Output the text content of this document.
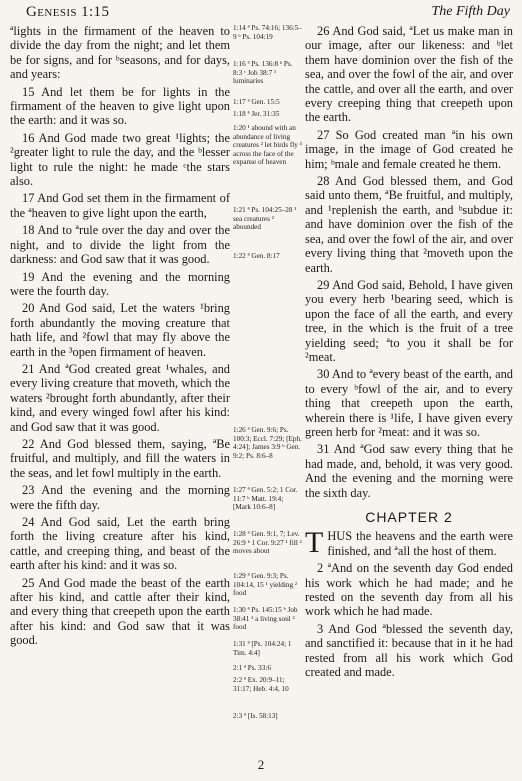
Genesis 1:15	The Fifth Day

ªlights in the firmament of the heaven to divide the day from the night; and let them be for signs, and for ᵇseasons, and for days, and years:

15 And let them be for lights in the firmament of the heaven to give light upon the earth: and it was so.

16 And God made two great ¹lights; the ²greater light to rule the day, and the ᵇlesser light to rule the night: he made ᶜthe stars also.

17 And God set them in the firmament of the ªheaven to give light upon the earth,

18 And to ªrule over the day and over the night, and to divide the light from the darkness: and God saw that it was good.

19 And the evening and the morning were the fourth day.

20 And God said, Let the waters ¹bring forth abundantly the moving creature that hath life, and ²fowl that may fly above the earth in the ³open firmament of heaven.

21 And ªGod created great ¹whales, and every living creature that moveth, which the waters ²brought forth abundantly, after their kind, and every winged fowl after his kind: and God saw that it was good.

22 And God blessed them, saying, ªBe fruitful, and multiply, and fill the waters in the seas, and let fowl multiply in the earth.

23 And the evening and the morning were the fifth day.

24 And God said, Let the earth bring forth the living creature after his kind, cattle, and creeping thing, and beast of the earth after his kind: and it was so.

25 And God made the beast of the earth after his kind, and cattle after their kind, and every thing that creepeth upon the earth after his kind: and God saw that it was good.

1:14 ª Ps. 74:16; 136:5–9 ᵇ Ps. 104:19
1:16 ª Ps. 136:8 ᵇ Ps. 8:3 ᶜ Job 38:7 ¹ luminaries
1:17 ª Gen. 15:5
1:18 ª Jer. 31:35
1:20 ¹ abound with an abundance of living creatures ² let birds fly ³ across the face of the expanse of heaven
1:21 ª Ps. 104:25–28 ¹ sea creatures ² abounded
1:22 ª Gen. 8:17
1:26 ª Gen. 9:6; Ps. 100:3; Eccl. 7:29; [Eph. 4:24]; James 3:9 ᵇ Gen. 9:2; Ps. 8:6–8
1:27 ª Gen. 5:2; 1 Cor. 11:7 ᵇ Matt. 19:4; [Mark 10:6–8]
1:28 ª Gen. 9:1, 7; Lev. 26:9 ᵇ 1 Cor. 9:27 ¹ fill ² moves about
1:29 ª Gen. 9:3; Ps. 104:14, 15 ¹ yielding ² food
1:30 ª Ps. 145:15 ᵇ Job 38:41 ¹ a living soul ² food
1:31 ª [Ps. 104:24; 1 Tim. 4:4]
2:1 ª Ps. 33:6
2:2 ª Ex. 20:9–11; 31:17; Heb. 4:4, 10
2:3 ª [Is. 58:13]

26 And God said, ªLet us make man in our image, after our likeness: and ᵇlet them have dominion over the fish of the sea, and over the fowl of the air, and over the cattle, and over all the earth, and over every creeping thing that creepeth upon the earth.

27 So God created man ªin his own image, in the image of God created he him; ᵇmale and female created he them.

28 And God blessed them, and God said unto them, ªBe fruitful, and multiply, and ¹replenish the earth, and ᵇsubdue it: and have dominion over the fish of the sea, and over the fowl of the air, and over every living thing that ²moveth upon the earth.

29 And God said, Behold, I have given you every herb ¹bearing seed, which is upon the face of all the earth, and every tree, in the which is the fruit of a tree yielding seed; ªto you it shall be for ²meat.

30 And to ªevery beast of the earth, and to every ᵇfowl of the air, and to every thing that creepeth upon the earth, wherein there is ¹life, I have given every green herb for ²meat: and it was so.

31 And ªGod saw every thing that he had made, and, behold, it was very good. And the evening and the morning were the sixth day.

CHAPTER 2

THUS the heavens and the earth were finished, and ªall the host of them.

2 ªAnd on the seventh day God ended his work which he had made; and he rested on the seventh day from all his work which he had made.

3 And God ªblessed the seventh day, and sanctified it: because that in it he had rested from all his work which God created and made.

2
